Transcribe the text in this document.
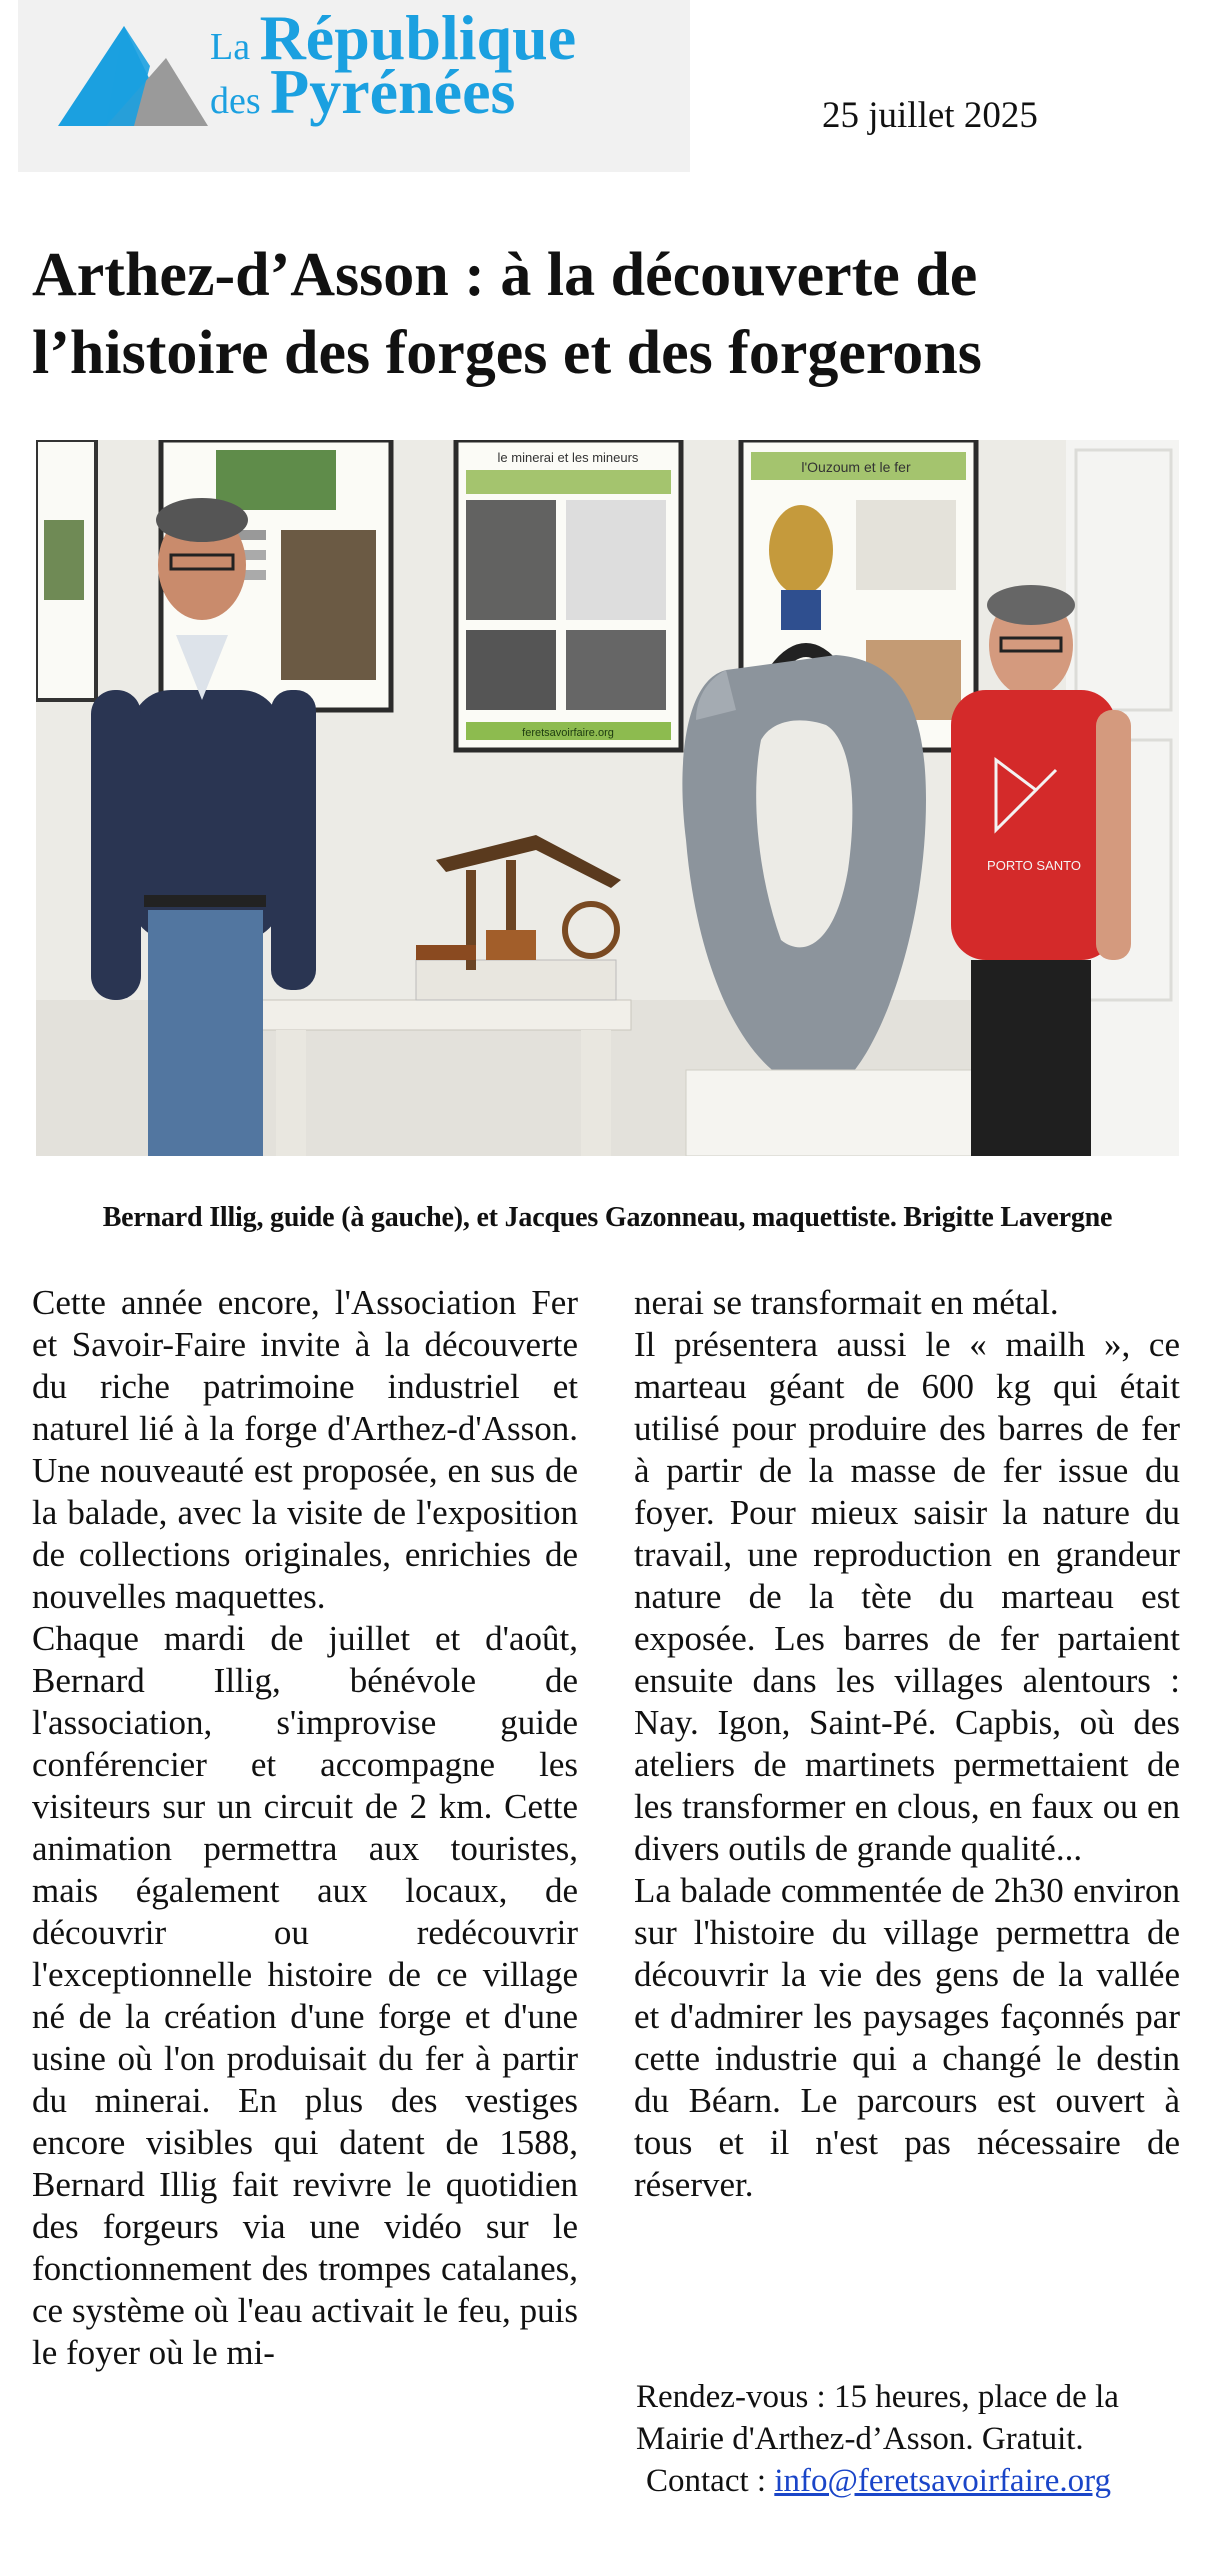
La République
des Pyrénées	25 juillet 2025
Arthez-d’Asson : à la découverte de l’histoire des forges et des forgerons
le minerai et les mineurs
feretsavoirfaire.org
l'Ouzoum et le fer
PORTO SANTO
Bernard Illig, guide (à gauche), et Jacques Gazonneau, maquettiste. Brigitte Lavergne

Cette année encore, l'Association Fer et Savoir-Faire invite à la découverte du riche patrimoine industriel et naturel lié à la forge d'Arthez-d'Asson. Une nouveauté est proposée, en sus de la balade, avec la visite de l'exposition de collections originales, enrichies de nouvelles maquettes.

Chaque mardi de juillet et d'août, Bernard Illig, bénévole de l'association, s'improvise guide conférencier et accompagne les visiteurs sur un circuit de 2 km. Cette animation permettra aux touristes, mais également aux locaux, de découvrir ou redécouvrir l'exceptionnelle histoire de ce village né de la création d'une forge et d'une usine où l'on produisait du fer à partir du minerai. En plus des vestiges encore visibles qui datent de 1588, Bernard Illig fait revivre le quotidien des forgeurs via une vidéo sur le fonctionnement des trompes catalanes, ce système où l'eau activait le feu, puis le foyer où le mi-

nerai se transformait en métal.

Il présentera aussi le « mailh », ce marteau géant de 600 kg qui était utilisé pour produire des barres de fer à partir de la masse de fer issue du foyer. Pour mieux saisir la nature du travail, une reproduction en grandeur nature de la tète du marteau est exposée. Les barres de fer partaient ensuite dans les villages alentours : Nay. Igon, Saint-Pé. Capbis, où des ateliers de martinets permettaient de les transformer en clous, en faux ou en divers outils de grande qualité...

La balade commentée de 2h30 environ sur l'histoire du village permettra de découvrir la vie des gens de la vallée et d'admirer les paysages façonnés par cette industrie qui a changé le destin du Béarn. Le parcours est ouvert à tous et il n'est pas nécessaire de réserver.

Rendez-vous : 15 heures, place de la Mairie d'Arthez-d’Asson. Gratuit.
Contact : info@feretsavoirfaire.org
